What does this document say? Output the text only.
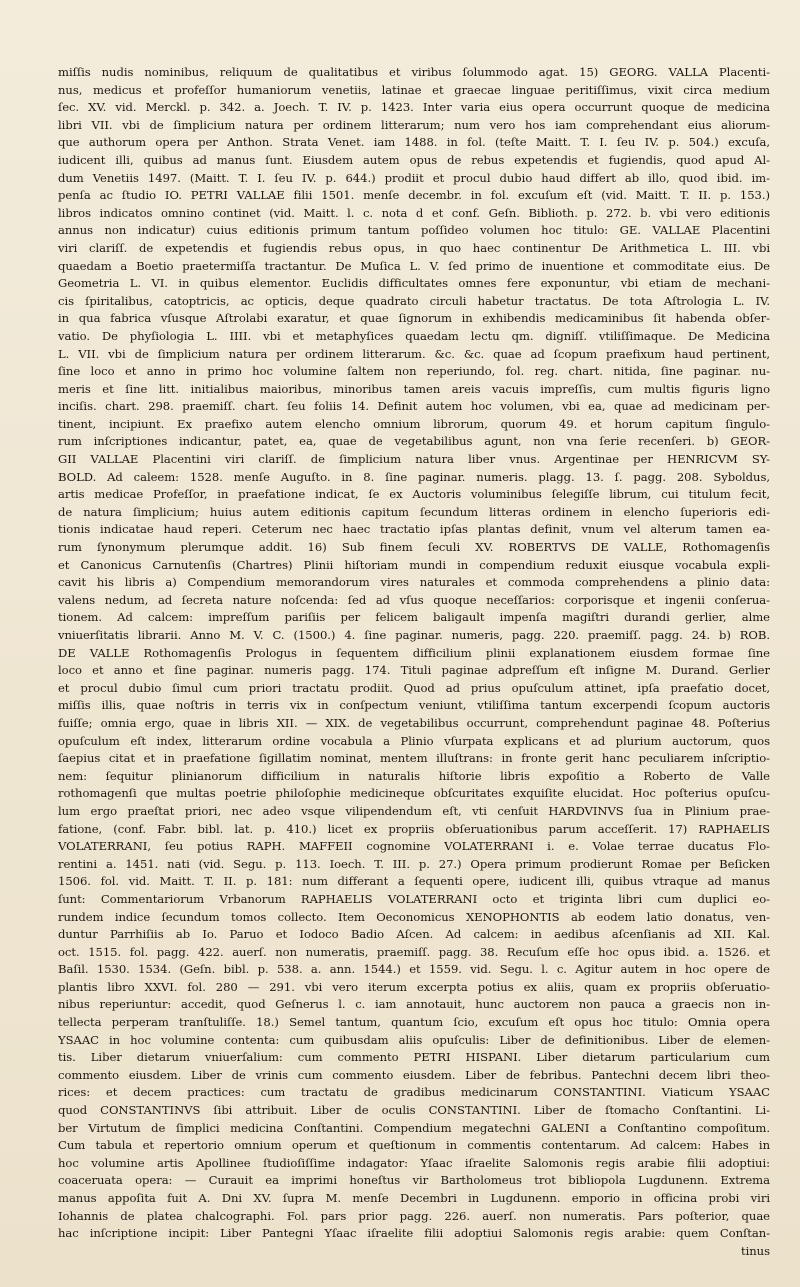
miſſis nudis nominibus, reliquum de qualitatibus et viribus ſolummodo agat. 15) GEORG. VALLA Placenti-
nus, medicus et profeſſor humaniorum venetiis, latinae et graecae linguae peritiſſimus, vixit circa medium
ſec. XV. vid. Merckl. p. 342. a. Joech. T. IV. p. 1423. Inter varia eius opera occurrunt quoque de medicina
libri VII. vbi de ſimplicium natura per ordinem litterarum; num vero hos iam comprehendant eius aliorum-
que authorum opera per Anthon. Strata Venet. iam 1488. in fol. (teſte Maitt. T. I. ſeu IV. p. 504.) excuſa,
iudicent illi, quibus ad manus ſunt. Eiusdem autem opus de rebus expetendis et fugiendis, quod apud Al-
dum Venetiis 1497. (Maitt. T. I. ſeu IV. p. 644.) prodiit et procul dubio haud differt ab illo, quod ibid. im-
penſa ac ſtudio IO. PETRI VALLAE filii 1501. menſe decembr. in fol. excuſum eſt (vid. Maitt. T. II. p. 153.)
libros indicatos omnino continet (vid. Maitt. l. c. nota d et conf. Geſn. Biblioth. p. 272. b. vbi vero editionis
annus non indicatur) cuius editionis primum tantum poſſideo volumen hoc titulo: GE. VALLAE Placentini
viri clariſſ. de expetendis et fugiendis rebus opus, in quo haec continentur De Arithmetica L. III. vbi
quaedam a Boetio praetermiſſa tractantur. De Muſica L. V. ſed primo de inuentione et commoditate eius. De
Geometria L. VI. in quibus elementor. Euclidis difficultates omnes fere exponuntur, vbi etiam de mechani-
cis ſpiritalibus, catoptricis, ac opticis, deque quadrato circuli habetur tractatus. De tota Aſtrologia L. IV.
in qua fabrica vſusque Aſtrolabi exaratur, et quae ſignorum in exhibendis medicaminibus ſit habenda obſer-
vatio. De phyſiologia L. IIII. vbi et metaphyſices quaedam lectu qm. digniſſ. vtiliſſimaque. De Medicina
L. VII. vbi de ſimplicium natura per ordinem litterarum. &c. &c. quae ad ſcopum praefixum haud pertinent,
ſine loco et anno in primo hoc volumine ſaltem non reperiundo, fol. reg. chart. nitida, ſine paginar. nu-
meris et ſine litt. initialibus maioribus, minoribus tamen areis vacuis impreſſis, cum multis figuris ligno
inciſis. chart. 298. praemiſſ. chart. ſeu foliis 14. Definit autem hoc volumen, vbi ea, quae ad medicinam per-
tinent, incipiunt. Ex praefixo autem elencho omnium librorum, quorum 49. et horum capitum ſingulo-
rum inſcriptiones indicantur, patet, ea, quae de vegetabilibus agunt, non vna ſerie recenſeri. b) GEOR-
GII VALLAE Placentini viri clariſſ. de ſimplicium natura liber vnus. Argentinae per HENRICVM SY-
BOLD. Ad caleem: 1528. menſe Auguſto. in 8. ſine paginar. numeris. plagg. 13. ſ. pagg. 208. Syboldus,
artis medicae Profeſſor, in praefatione indicat, ſe ex Auctoris voluminibus ſelegiſſe librum, cui titulum fecit,
de natura ſimplicium; huius autem editionis capitum ſecundum litteras ordinem in elencho ſuperioris edi-
tionis indicatae haud reperi. Ceterum nec haec tractatio ipſas plantas definit, vnum vel alterum tamen ea-
rum ſynonymum plerumque addit. 16) Sub finem ſeculi XV. ROBERTVS DE VALLE, Rothomagenſis
et Canonicus Carnutenſis (Chartres) Plinii hiſtoriam mundi in compendium reduxit eiusque vocabula expli-
cavit his libris a) Compendium memorandorum vires naturales et commoda comprehendens a plinio data:
valens nedum, ad ſecreta nature noſcenda: ſed ad vſus quoque neceſſarios: corporisque et ingenii conſerua-
tionem. Ad calcem: impreſſum pariſiis per felicem baligault impenſa magiſtri durandi gerlier, alme
vniuerſitatis librarii. Anno M. V. C. (1500.) 4. ſine paginar. numeris, pagg. 220. praemiſſ. pagg. 24. b) ROB.
DE VALLE Rothomagenſis Prologus in ſequentem difficilium plinii explanationem eiusdem formae ſine
loco et anno et ſine paginar. numeris pagg. 174. Tituli paginae adpreſſum eſt inſigne M. Durand. Gerlier
et procul dubio ſimul cum priori tractatu prodiit. Quod ad prius opuſculum attinet, ipſa praefatio docet,
miſſis illis, quae noſtris in terris vix in conſpectum veniunt, vtiliſſima tantum excerpendi ſcopum auctoris
fuiſſe; omnia ergo, quae in libris XII. — XIX. de vegetabilibus occurrunt, comprehendunt paginae 48. Poſterius
opuſculum eſt index, litterarum ordine vocabula a Plinio vſurpata explicans et ad plurium auctorum, quos
ſaepius citat et in praefatione ſigillatim nominat, mentem illuſtrans: in fronte gerit hanc peculiarem inſcriptio-
nem: ſequitur plinianorum difficilium in naturalis hiſtorie libris expoſitio a Roberto de Valle
rothomagenſi que multas poetrie philoſophie medicineque obſcuritates exquiſite elucidat. Hoc poſterius opuſcu-
lum ergo praeſtat priori, nec adeo vsque vilipendendum eſt, vti cenſuit HARDVINVS ſua in Plinium prae-
fatione, (conf. Fabr. bibl. lat. p. 410.) licet ex propriis obſeruationibus parum acceſſerit. 17) RAPHAELIS
VOLATERRANI, ſeu potius RAPH. MAFFEII cognomine VOLATERRANI i. e. Volae terrae ducatus Flo-
rentini a. 1451. nati (vid. Segu. p. 113. Ioech. T. III. p. 27.) Opera primum prodierunt Romae per Beſicken
1506. fol. vid. Maitt. T. II. p. 181: num differant a ſequenti opere, iudicent illi, quibus vtraque ad manus
ſunt: Commentariorum Vrbanorum RAPHAELIS VOLATERRANI octo et triginta libri cum duplici eo-
rundem indice ſecundum tomos collecto. Item Oeconomicus XENOPHONTIS ab eodem latio donatus, ven-
duntur Parrhiſiis ab Io. Paruo et Iodoco Badio Aſcen. Ad calcem: in aedibus aſcenſianis ad XII. Kal.
oct. 1515. fol. pagg. 422. auerſ. non numeratis, praemiſſ. pagg. 38. Recuſum eſſe hoc opus ibid. a. 1526. et
Baſil. 1530. 1534. (Geſn. bibl. p. 538. a. ann. 1544.) et 1559. vid. Segu. l. c. Agitur autem in hoc opere de
plantis libro XXVI. fol. 280 — 291. vbi vero iterum excerpta potius ex aliis, quam ex propriis obſeruatio-
nibus reperiuntur: accedit, quod Geſnerus l. c. iam annotauit, hunc auctorem non pauca a graecis non in-
tellecta perperam tranſtuliſſe. 18.) Semel tantum, quantum ſcio, excuſum eſt opus hoc titulo: Omnia opera
YSAAC in hoc volumine contenta: cum quibusdam aliis opuſculis: Liber de definitionibus. Liber de elemen-
tis. Liber dietarum vniuerſalium: cum commento PETRI HISPANI. Liber dietarum particularium cum
commento eiusdem. Liber de vrinis cum commento eiusdem. Liber de febribus. Pantechni decem libri theo-
rices: et decem practices: cum tractatu de gradibus medicinarum CONSTANTINI. Viaticum YSAAC
quod CONSTANTINVS ſibi attribuit. Liber de oculis CONSTANTINI. Liber de ſtomacho Conſtantini. Li-
ber Virtutum de ſimplici medicina Conſtantini. Compendium megatechni GALENI a Conſtantino compoſitum.
Cum tabula et repertorio omnium operum et queſtionum in commentis contentarum. Ad calcem: Habes in
hoc volumine artis Apollinee ſtudioſiſſime indagator: Yſaac iſraelite Salomonis regis arabie filii adoptiui:
coaceruata opera: — Curauit ea imprimi honeſtus vir Bartholomeus trot bibliopola Lugdunenn. Extrema
manus appoſita fuit A. Dni XV. ſupra M. menſe Decembri in Lugdunenn. emporio in officina probi viri
Iohannis de platea chalcographi. Fol. pars prior pagg. 226. auerſ. non numeratis. Pars poſterior, quae
hac inſcriptione incipit: Liber Pantegni Yſaac iſraelite filii adoptiui Salomonis regis arabie: quem Conſtan-
tinus
